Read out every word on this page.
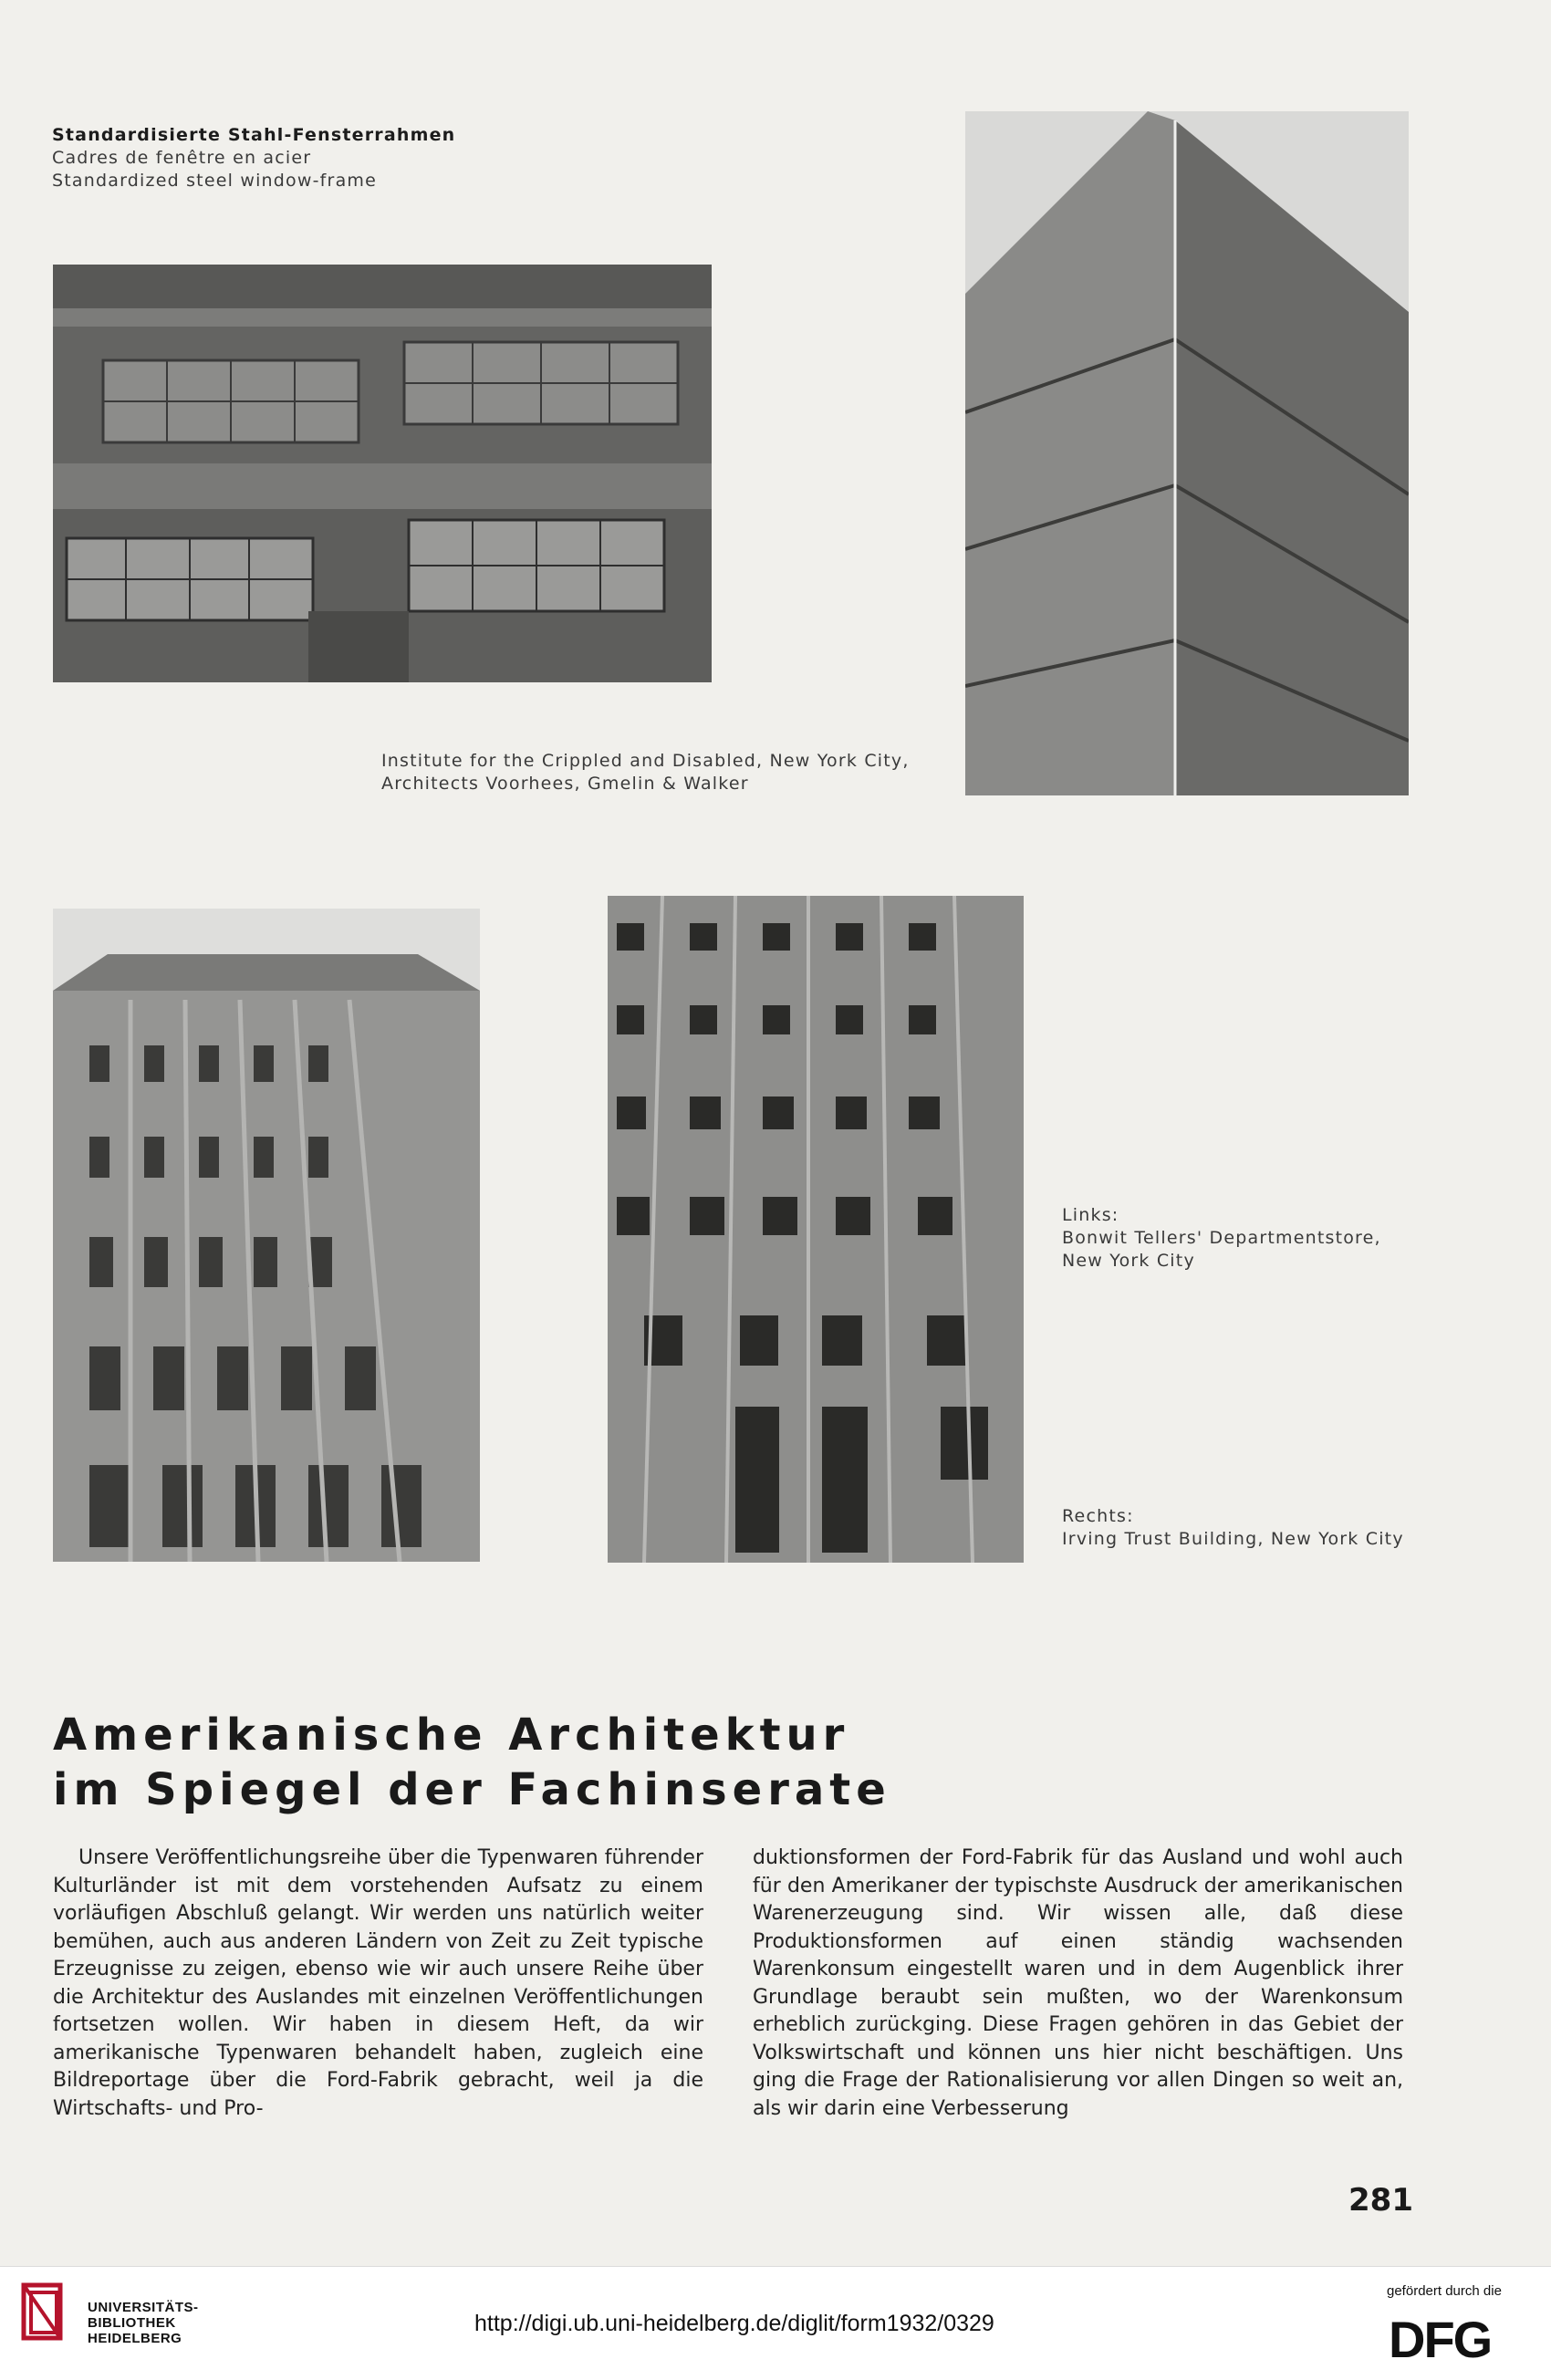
Standardisierte Stahl-Fensterrahmen
Cadres de fenêtre en acier
Standardized steel window-frame
Institute for the Crippled and Disabled, New York City,
Architects Voorhees, Gmelin & Walker
Links:
Bonwit Tellers' Departmentstore,
New York City
Rechts:
Irving Trust Building, New York City
Amerikanische Architektur
im Spiegel der Fachinserate

Unsere Veröffentlichungsreihe über die Typenwaren führender Kulturländer ist mit dem vorstehenden Aufsatz zu einem vorläufigen Abschluß gelangt. Wir werden uns natürlich weiter bemühen, auch aus anderen Ländern von Zeit zu Zeit typische Erzeugnisse zu zeigen, ebenso wie wir auch unsere Reihe über die Architektur des Auslandes mit einzelnen Veröffentlichungen fortsetzen wollen. Wir haben in diesem Heft, da wir amerikanische Typenwaren behandelt haben, zugleich eine Bildreportage über die Ford-Fabrik gebracht, weil ja die Wirtschafts- und Pro-

duktionsformen der Ford-Fabrik für das Ausland und wohl auch für den Amerikaner der typischste Ausdruck der amerikanischen Warenerzeugung sind. Wir wissen alle, daß diese Produktionsformen auf einen ständig wachsenden Warenkonsum eingestellt waren und in dem Augenblick ihrer Grundlage beraubt sein mußten, wo der Warenkonsum erheblich zurückging. Diese Fragen gehören in das Gebiet der Volkswirtschaft und können uns hier nicht beschäftigen. Uns ging die Frage der Rationalisierung vor allen Dingen so weit an, als wir darin eine Verbesserung

281
UNIVERSITÄTS-
BIBLIOTHEK
HEIDELBERG
http://digi.ub.uni-heidelberg.de/diglit/form1932/0329
gefördert durch die
DFG
